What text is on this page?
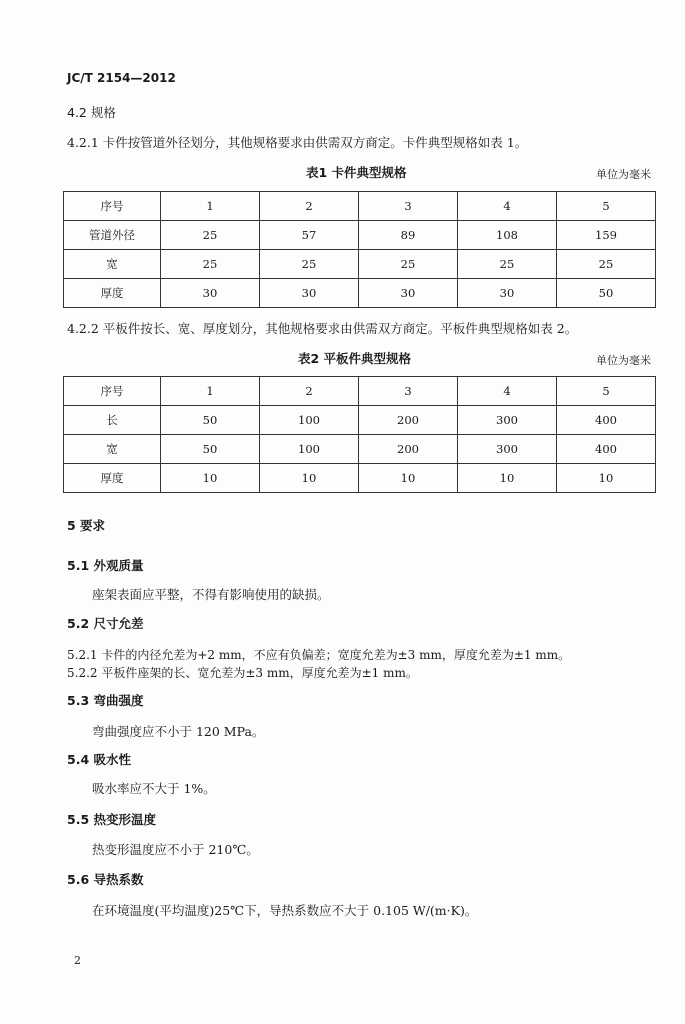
JC/T 2154—2012
4.2 规格
4.2.1 卡件按管道外径划分，其他规格要求由供需双方商定。卡件典型规格如表 1。
表1 卡件典型规格	单位为毫米
序号	1	2	3	4	5
管道外径	25	57	89	108	159
宽	25	25	25	25	25
厚度	30	30	30	30	50
4.2.2 平板件按长、宽、厚度划分，其他规格要求由供需双方商定。平板件典型规格如表 2。
表2 平板件典型规格	单位为毫米
序号	1	2	3	4	5
长	50	100	200	300	400
宽	50	100	200	300	400
厚度	10	10	10	10	10
5 要求
5.1 外观质量
座架表面应平整，不得有影响使用的缺损。
5.2 尺寸允差
5.2.1 卡件的内径允差为+2 mm，不应有负偏差；宽度允差为±3 mm，厚度允差为±1 mm。
5.2.2 平板件座架的长、宽允差为±3 mm，厚度允差为±1 mm。
5.3 弯曲强度
弯曲强度应不小于 120 MPa。
5.4 吸水性
吸水率应不大于 1%。
5.5 热变形温度
热变形温度应不小于 210℃。
5.6 导热系数
在环境温度(平均温度)25℃下，导热系数应不大于 0.105 W/(m·K)。
2
